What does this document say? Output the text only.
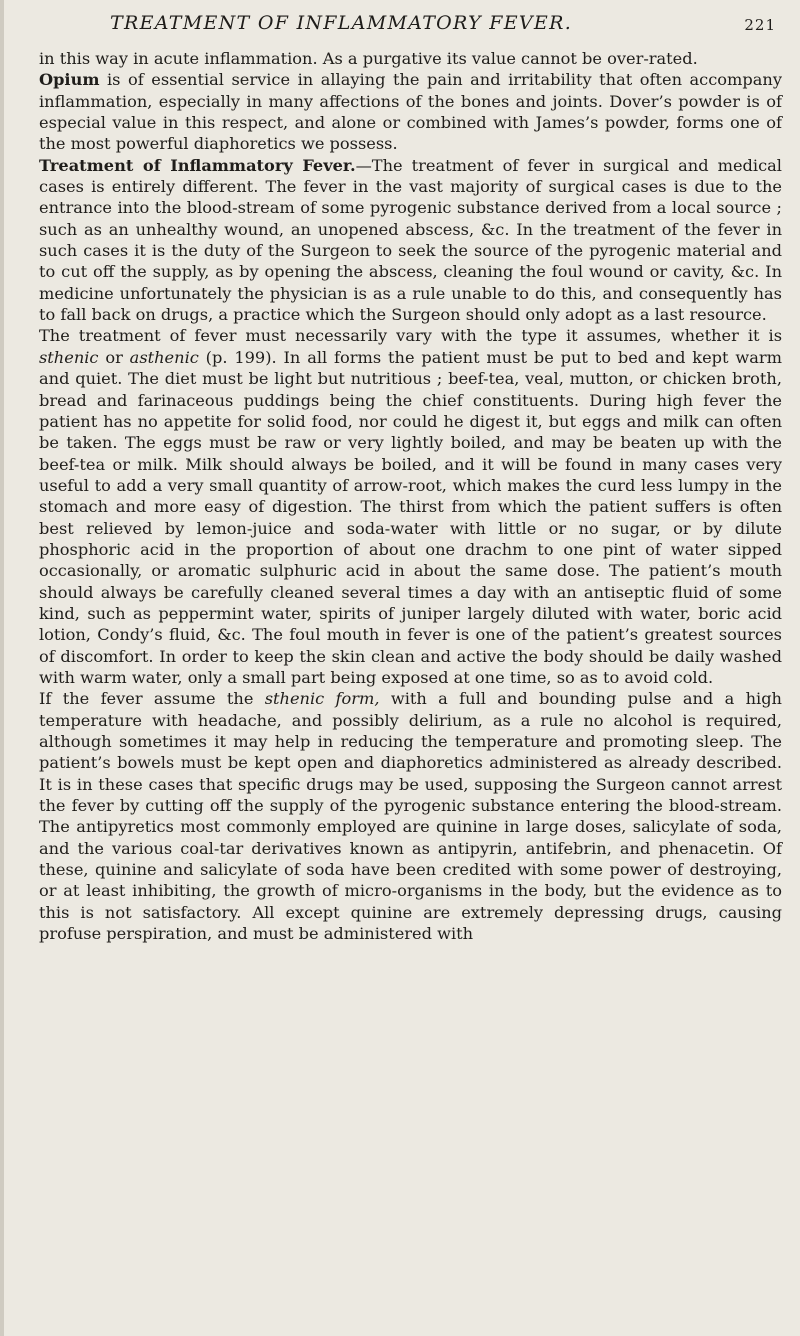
TREATMENT OF INFLAMMATORY FEVER.	221

in this way in acute inflammation. As a purgative its value cannot be over-rated.

Opium is of essential service in allaying the pain and irritability that often accompany inflammation, especially in many affections of the bones and joints. Dover’s powder is of especial value in this respect, and alone or combined with James’s powder, forms one of the most powerful diaphoretics we possess.

Treatment of Inflammatory Fever.—The treatment of fever in surgical and medical cases is entirely different. The fever in the vast majority of surgical cases is due to the entrance into the blood-stream of some pyrogenic substance derived from a local source ; such as an unhealthy wound, an unopened abscess, &c. In the treatment of the fever in such cases it is the duty of the Surgeon to seek the source of the pyrogenic material and to cut off the supply, as by opening the abscess, cleaning the foul wound or cavity, &c. In medicine unfortunately the physician is as a rule unable to do this, and consequently has to fall back on drugs, a practice which the Surgeon should only adopt as a last resource.

The treatment of fever must necessarily vary with the type it assumes, whether it is sthenic or asthenic (p. 199). In all forms the patient must be put to bed and kept warm and quiet. The diet must be light but nutritious ; beef-tea, veal, mutton, or chicken broth, bread and farinaceous puddings being the chief constituents. During high fever the patient has no appetite for solid food, nor could he digest it, but eggs and milk can often be taken. The eggs must be raw or very lightly boiled, and may be beaten up with the beef-tea or milk. Milk should always be boiled, and it will be found in many cases very useful to add a very small quantity of arrow-root, which makes the curd less lumpy in the stomach and more easy of digestion. The thirst from which the patient suffers is often best relieved by lemon-juice and soda-water with little or no sugar, or by dilute phosphoric acid in the proportion of about one drachm to one pint of water sipped occasionally, or aromatic sulphuric acid in about the same dose. The patient’s mouth should always be carefully cleaned several times a day with an antiseptic fluid of some kind, such as peppermint water, spirits of juniper largely diluted with water, boric acid lotion, Condy’s fluid, &c. The foul mouth in fever is one of the patient’s greatest sources of discomfort. In order to keep the skin clean and active the body should be daily washed with warm water, only a small part being exposed at one time, so as to avoid cold.

If the fever assume the sthenic form, with a full and bounding pulse and a high temperature with headache, and possibly delirium, as a rule no alcohol is required, although sometimes it may help in reducing the temperature and promoting sleep. The patient’s bowels must be kept open and diaphoretics administered as already described. It is in these cases that specific drugs may be used, supposing the Surgeon cannot arrest the fever by cutting off the supply of the pyrogenic substance entering the blood-stream. The antipyretics most commonly employed are quinine in large doses, salicylate of soda, and the various coal-tar derivatives known as antipyrin, antifebrin, and phenacetin. Of these, quinine and salicylate of soda have been credited with some power of destroying, or at least inhibiting, the growth of micro-organisms in the body, but the evidence as to this is not satisfactory. All except quinine are extremely depressing drugs, causing profuse perspiration, and must be administered with
